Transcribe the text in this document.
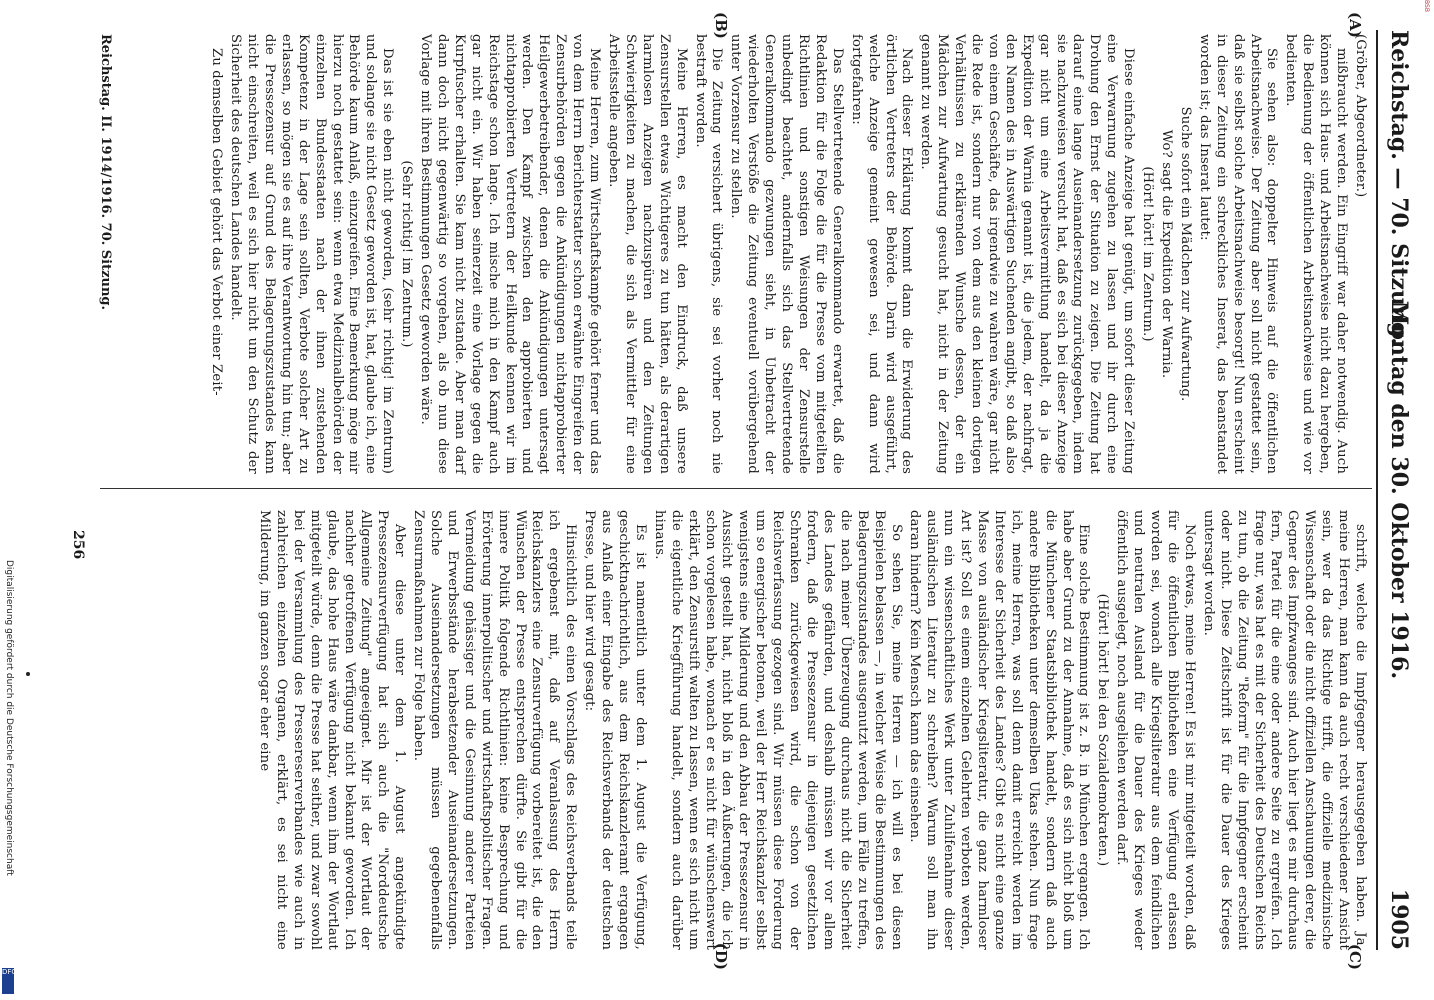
Reichstag. — 70. Sitzung.
Montag den 30. Oktober 1916.
1905
(A)
(B)
(C)
(D)

(Gröber, Abgeordneter.)

mißbraucht werden. Ein Eingriff war daher notwendig. Auch können sich Haus- und Arbeitsnachweise nicht dazu hergeben, die Bedienung der öffentlichen Arbeitsnachweise und wie vor bedienten.

Sie sehen also: doppelter Hinweis auf die öffentlichen Arbeitsnachweise. Der Zeitung aber soll nicht gestattet sein, daß sie selbst solche Arbeitsnachweise besorgt! Nun erscheint in dieser Zeitung ein schreckliches Inserat, das beanstandet worden ist; das Inserat lautet:

Suche sofort ein Mädchen zur Aufwartung.

Wo? sagt die Expedition der Warnia.

(Hört! hört! im Zentrum.)

Diese einfache Anzeige hat genügt, um sofort dieser Zeitung eine Verwarnung zugehen zu lassen und ihr durch eine Drohung den Ernst der Situation zu zeigen. Die Zeitung hat darauf eine lange Auseinandersetzung zurückgegeben, indem sie nachzuweisen versucht hat, daß es sich bei dieser Anzeige gar nicht um eine Arbeitsvermittlung handelt, da ja die Expedition der Warnia genannt ist, die jedem, der nachfragt, den Namen des in Auswärtigen Suchenden angibt, so daß also von einem Geschäfte, das irgendwie zu wahren wäre, gar nicht die Rede ist, sondern nur von dem aus den kleinen dortigen Verhältnissen zu erklärenden Wunsche dessen, der ein Mädchen zur Aufwartung gesucht hat, nicht in der Zeitung genannt zu werden.

Nach dieser Erklärung kommt dann die Erwiderung des örtlichen Vertreters der Behörde. Darin wird ausgeführt, welche Anzeige gemeint gewesen sei, und dann wird fortgefahren:

Das Stellvertretende Generalkommando erwartet, daß die Redaktion für die Folge die für die Presse vom mitgeteilten Richtlinien und sonstigen Weisungen der Zensurstelle unbedingt beachtet, andernfalls sich das Stellvertretende Generalkommando gezwungen sieht, in Unbetracht der wiederholten Verstöße die Zeitung eventuell vorübergehend unter Vorzensur zu stellen.

Die Zeitung versichert übrigens, sie sei vorher noch nie bestraft worden.

Meine Herren, es macht den Eindruck, daß unsere Zensurstellen etwas Wichtigeres zu tun hätten, als derartigen harmlosen Anzeigen nachzuspüren und den Zeitungen Schwierigkeiten zu machen, die sich als Vermittler für eine Arbeitsstelle angeben.

Meine Herren, zum Wirtschaftskampfe gehört ferner und das von dem Herrn Berichterstatter schon erwähnte Eingreifen der Zensurbehörden gegen die Ankündigungen nichtapprobierter Heilgewerbetreibender, denen die Ankündigungen untersagt werden. Den Kampf zwischen den approbierten und nichtapprobierten Vertretern der Heilkunde kennen wir im Reichstage schon lange. Ich mische mich in den Kampf auch gar nicht ein. Wir haben seinerzeit eine Vorlage gegen die Kurpfuscher erhalten. Sie kam nicht zustande. Aber man darf dann doch nicht gegenwärtig so vorgehen, als ob nun diese Vorlage mit ihren Bestimmungen Gesetz geworden wäre.

(Sehr richtig! im Zentrum.)

Das ist sie eben nicht geworden, (sehr richtig! im Zentrum) und solange sie nicht Gesetz geworden ist, hat, glaube ich, eine Behörde kaum Anlaß, einzugreifen. Eine Bemerkung möge mir hierzu noch gestattet sein: wenn etwa Medizinalbehörden der einzelnen Bundesstaaten nach der ihnen zustehenden Kompetenz in der Lage sein sollten, Verbote solcher Art zu erlassen, so mögen sie es auf ihre Verantwortung hin tun; aber die Pressezensur auf Grund des Belagerungszustandes kann nicht einschreiten, weil es sich hier nicht um den Schutz der Sicherheit des deutschen Landes handelt.

Zu demselben Gebiet gehört das Verbot einer Zeit-

schrift, welche die Impfgegner herausgegeben haben. Ja, meine Herren, man kann da auch recht verschiedener Ansicht sein, wer da das Richtige trifft, die offizielle medizinische Wissenschaft oder die nicht offiziellen Anschauungen derer, die Gegner des Impfzwanges sind. Auch hier liegt es mir durchaus fern, Partei für die eine oder andere Seite zu ergreifen. Ich frage nur, was hat es mit der Sicherheit des Deutschen Reichs zu tun, ob die Zeitung "Reform" für die Impfgegner erscheint oder nicht. Diese Zeitschrift ist für die Dauer des Krieges untersagt worden.

Noch etwas, meine Herren! Es ist mir mitgeteilt worden, daß für die öffentlichen Bibliotheken eine Verfügung erlassen worden sei, wonach alle Kriegsliteratur aus dem feindlichen und neutralen Ausland für die Dauer des Krieges weder öffentlich ausgelegt, noch ausgeliehen werden darf.

(Hört! hört! bei den Sozialdemokraten.)

Eine solche Bestimmung ist z. B. in München ergangen. Ich habe aber Grund zu der Annahme, daß es sich nicht bloß um die Münchener Staatsbibliothek handelt, sondern daß auch andere Bibliotheken unter demselben Ukas stehen. Nun frage ich, meine Herren, was soll denn damit erreicht werden im Interesse der Sicherheit des Landes? Gibt es nicht eine ganze Masse von ausländischer Kriegsliteratur, die ganz harmloser Art ist? Soll es einem einzelnen Gelehrten verboten werden, nun ein wissenschaftliches Werk unter Zuhilfenahme dieser ausländischen Literatur zu schreiben? Warum soll man ihn daran hindern? Kein Mensch kann das einsehen.

So sehen Sie, meine Herren — ich will es bei diesen Beispielen belassen —, in welcher Weise die Bestimmungen des Belagerungszustandes ausgenutzt werden, um Fälle zu treffen, die nach meiner Überzeugung durchaus nicht die Sicherheit des Landes gefährden, und deshalb müssen wir vor allem fordern, daß die Pressezensur in diejenigen gesetzlichen Schranken zurückgewiesen wird, die schon von der Reichsverfassung gezogen sind. Wir müssen diese Forderung um so energischer betonen, weil der Herr Reichskanzler selbst wenigstens eine Milderung und den Abbau der Pressezensur in Aussicht gestellt hat, nicht bloß in den Äußerungen, die ich schon vorgelesen habe, wonach er es nicht für wünschenswert erklärt, den Zensurstift walten zu lassen, wenn es sich nicht um die eigentliche Kriegführung handelt, sondern auch darüber hinaus.

Es ist namentlich unter dem 1. August die Verfügung, geschicktnachrichtlich, aus dem Reichskanzleramt ergangen aus Anlaß einer Eingabe des Reichsverbands der deutschen Presse, und hier wird gesagt:

Hinsichtlich des einen Vorschlags des Reichsverbands teile ich ergebenst mit, daß auf Veranlassung des Herrn Reichskanzlers eine Zensurverfügung vorbereitet ist, die den Wünschen der Presse entsprechen dürfte. Sie gibt für die innere Politik folgende Richtlinien: keine Besprechung und Erörterung innerpolitischer und wirtschaftspolitischer Fragen. Vermeidung gehässiger und die Gesinnung anderer Parteien und Erwerbsstände herabsetzender Auseinandersetzungen. Solche Auseinandersetzungen müssen gegebenenfalls Zensurmaßnahmen zur Folge haben.

Aber diese unter dem 1. August angekündigte Pressezensurverfügung hat sich auch die "Norddeutsche Allgemeine Zeitung" angeeignet. Mir ist der Wortlaut der nachher getroffenen Verfügung nicht bekannt geworden. Ich glaube, das hohe Haus wäre dankbar, wenn ihm der Wortlaut mitgeteilt würde, denn die Presse hat seither, und zwar sowohl bei der Versammlung des Pressereserverbandes wie auch in zahlreichen einzelnen Organen, erklärt, es sei nicht eine Milderung, im ganzen sogar eher eine

Reichstag. II. 1914/1916. 70. Sitzung.
256
Digitalisierung gefördert durch die Deutsche Forschungsgemeinschaft
DFG
BSB
